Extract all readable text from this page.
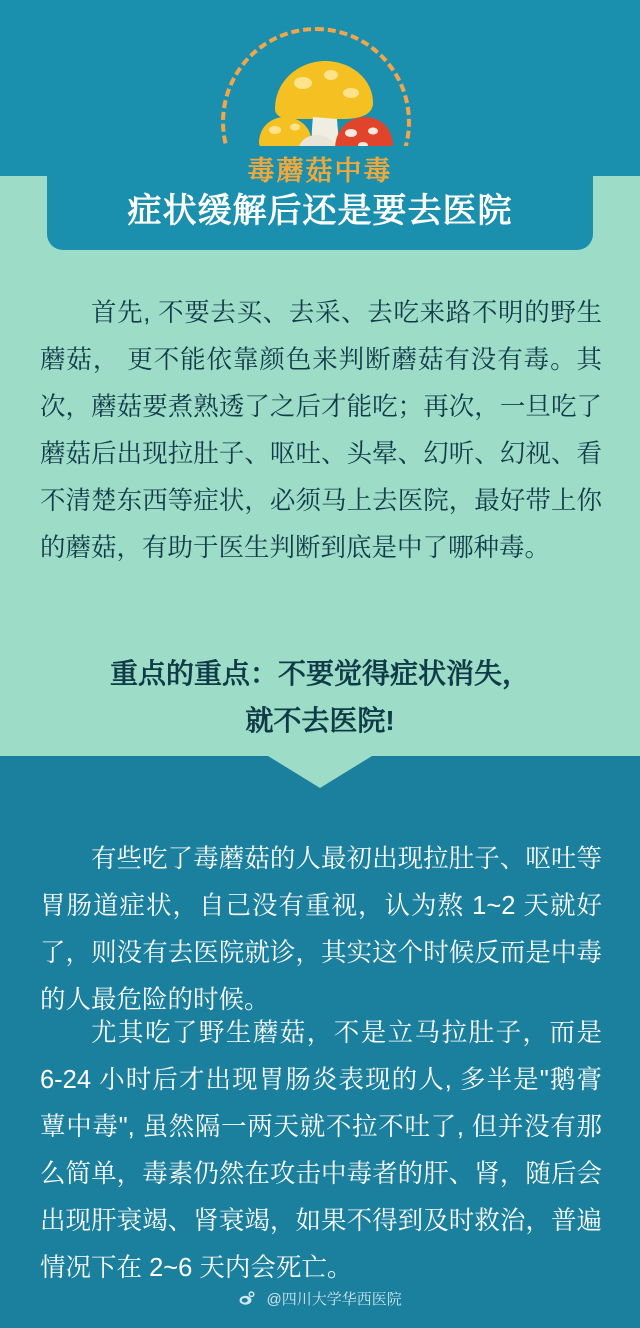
毒蘑菇中毒
症状缓解后还是要去医院
首先, 不要去买、去采、去吃来路不明的野生蘑菇， 更不能依靠颜色来判断蘑菇有没有毒。其次，蘑菇要煮熟透了之后才能吃；再次，一旦吃了蘑菇后出现拉肚子、呕吐、头晕、幻听、幻视、看不清楚东西等症状，必须马上去医院，最好带上你的蘑菇，有助于医生判断到底是中了哪种毒。
重点的重点：不要觉得症状消失，
就不去医院!
有些吃了毒蘑菇的人最初出现拉肚子、呕吐等胃肠道症状，自己没有重视，认为熬 1~2 天就好了，则没有去医院就诊，其实这个时候反而是中毒的人最危险的时候。
尤其吃了野生蘑菇，不是立马拉肚子，而是 6-24 小时后才出现胃肠炎表现的人, 多半是"鹅膏蕈中毒", 虽然隔一两天就不拉不吐了, 但并没有那么简单，毒素仍然在攻击中毒者的肝、肾，随后会出现肝衰竭、肾衰竭，如果不得到及时救治，普遍情况下在 2~6 天内会死亡。
@四川大学华西医院
